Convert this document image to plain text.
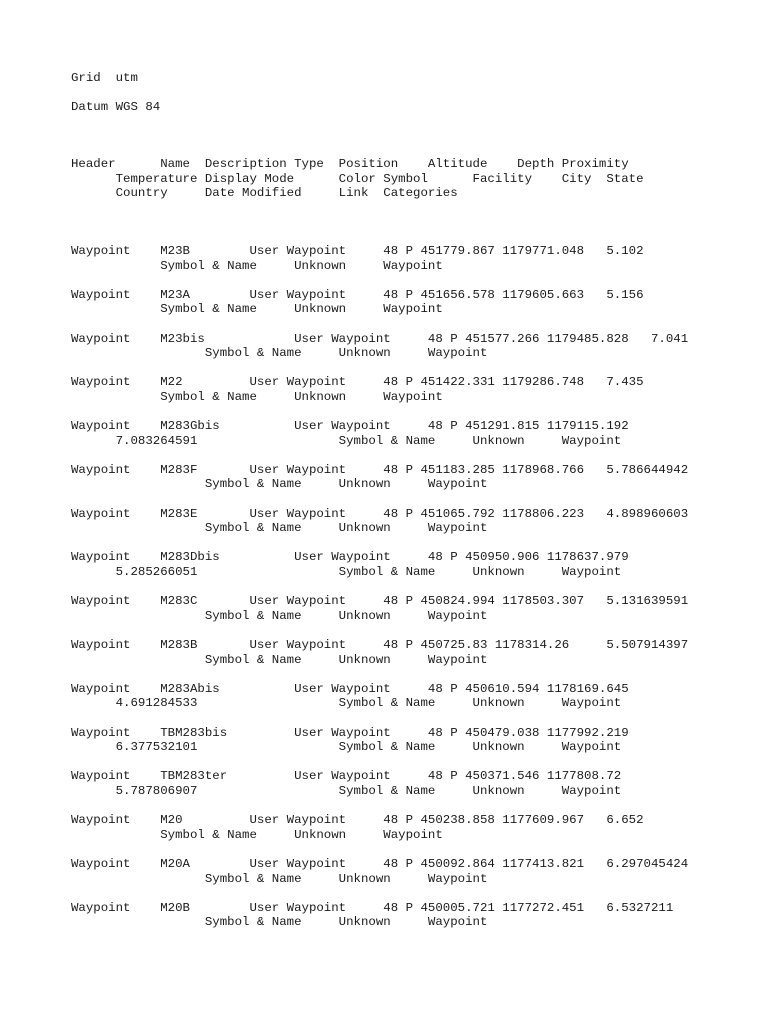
Grid  utm
Datum WGS 84
Header      Name  Description Type  Position    Altitude    Depth Proximity
Temperature Display Mode      Color Symbol      Facility    City  State
Country     Date Modified     Link  Categories
Waypoint    M23B        User Waypoint     48 P 451779.867 1179771.048   5.102
Symbol & Name     Unknown     Waypoint
Waypoint    M23A        User Waypoint     48 P 451656.578 1179605.663   5.156
Symbol & Name     Unknown     Waypoint
Waypoint    M23bis            User Waypoint     48 P 451577.266 1179485.828   7.041
Symbol & Name     Unknown     Waypoint
Waypoint    M22         User Waypoint     48 P 451422.331 1179286.748   7.435
Symbol & Name     Unknown     Waypoint
Waypoint    M283Gbis          User Waypoint     48 P 451291.815 1179115.192
7.083264591                   Symbol & Name     Unknown     Waypoint
Waypoint    M283F       User Waypoint     48 P 451183.285 1178968.766   5.786644942
Symbol & Name     Unknown     Waypoint
Waypoint    M283E       User Waypoint     48 P 451065.792 1178806.223   4.898960603
Symbol & Name     Unknown     Waypoint
Waypoint    M283Dbis          User Waypoint     48 P 450950.906 1178637.979
5.285266051                   Symbol & Name     Unknown     Waypoint
Waypoint    M283C       User Waypoint     48 P 450824.994 1178503.307   5.131639591
Symbol & Name     Unknown     Waypoint
Waypoint    M283B       User Waypoint     48 P 450725.83 1178314.26     5.507914397
Symbol & Name     Unknown     Waypoint
Waypoint    M283Abis          User Waypoint     48 P 450610.594 1178169.645
4.691284533                   Symbol & Name     Unknown     Waypoint
Waypoint    TBM283bis         User Waypoint     48 P 450479.038 1177992.219
6.377532101                   Symbol & Name     Unknown     Waypoint
Waypoint    TBM283ter         User Waypoint     48 P 450371.546 1177808.72
5.787806907                   Symbol & Name     Unknown     Waypoint
Waypoint    M20         User Waypoint     48 P 450238.858 1177609.967   6.652
Symbol & Name     Unknown     Waypoint
Waypoint    M20A        User Waypoint     48 P 450092.864 1177413.821   6.297045424
Symbol & Name     Unknown     Waypoint
Waypoint    M20B        User Waypoint     48 P 450005.721 1177272.451   6.5327211
Symbol & Name     Unknown     Waypoint
